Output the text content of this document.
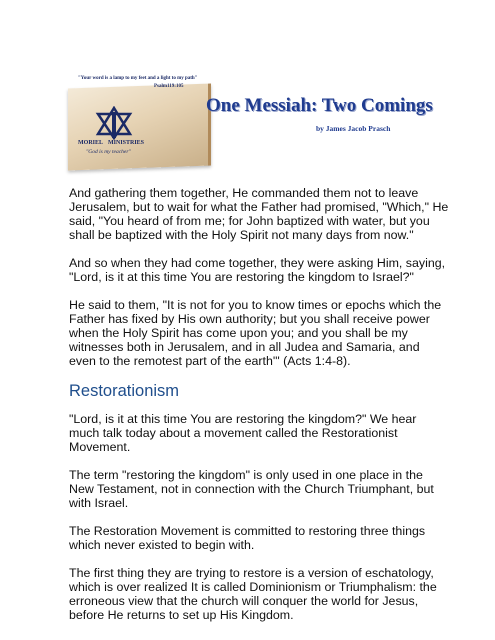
"Your word is a lamp to my feet and a light to my path"
Psalm119:105
MORIEL MINISTRIES
"God is my teacher"
One Messiah: Two Comings
by James Jacob Prasch

And gathering them together, He commanded them not to leave Jerusalem, but to wait for what the Father had promised, "Which," He said, "You heard of from me; for John baptized with water, but you shall be baptized with the Holy Spirit not many days from now."

And so when they had come together, they were asking Him, saying, "Lord, is it at this time You are restoring the kingdom to Israel?"

He said to them, "It is not for you to know times or epochs which the Father has fixed by His own authority; but you shall receive power when the Holy Spirit has come upon you; and you shall be my witnesses both in Jerusalem, and in all Judea and Samaria, and even to the remotest part of the earth'" (Acts 1:4-8).

Restorationism

"Lord, is it at this time You are restoring the kingdom?" We hear much talk today about a movement called the Restorationist Movement.

The term "restoring the kingdom" is only used in one place in the New Testament, not in connection with the Church Triumphant, but with Israel.

The Restoration Movement is committed to restoring three things which never existed to begin with.

The first thing they are trying to restore is a version of eschatology, which is over realized It is called Dominionism or Triumphalism: the erroneous view that the church will conquer the world for Jesus, before He returns to set up His Kingdom.
